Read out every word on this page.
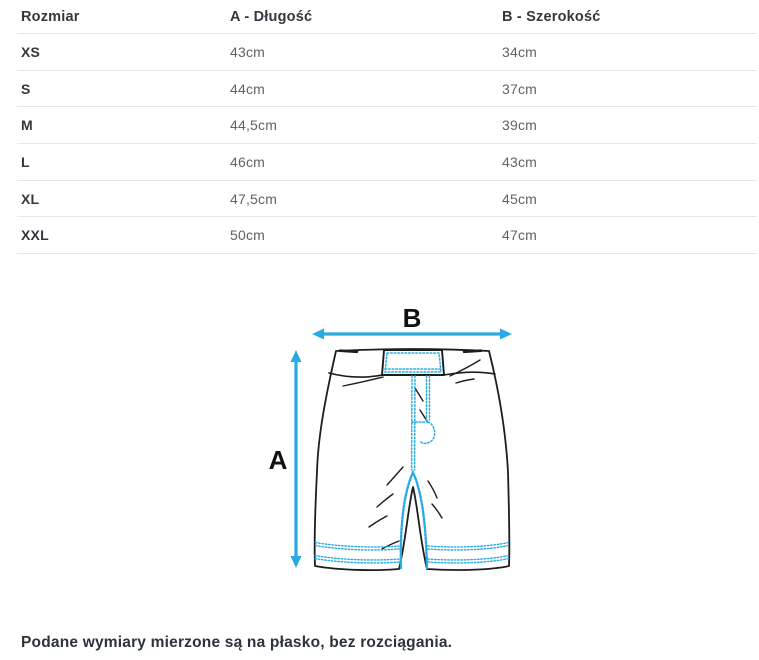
Rozmiar	A - Długość	B - Szerokość
XS	43cm	34cm
S	44cm	37cm
M	44,5cm	39cm
L	46cm	43cm
XL	47,5cm	45cm
XXL	50cm	47cm
B
A
Podane wymiary mierzone są na płasko, bez rozciągania.
